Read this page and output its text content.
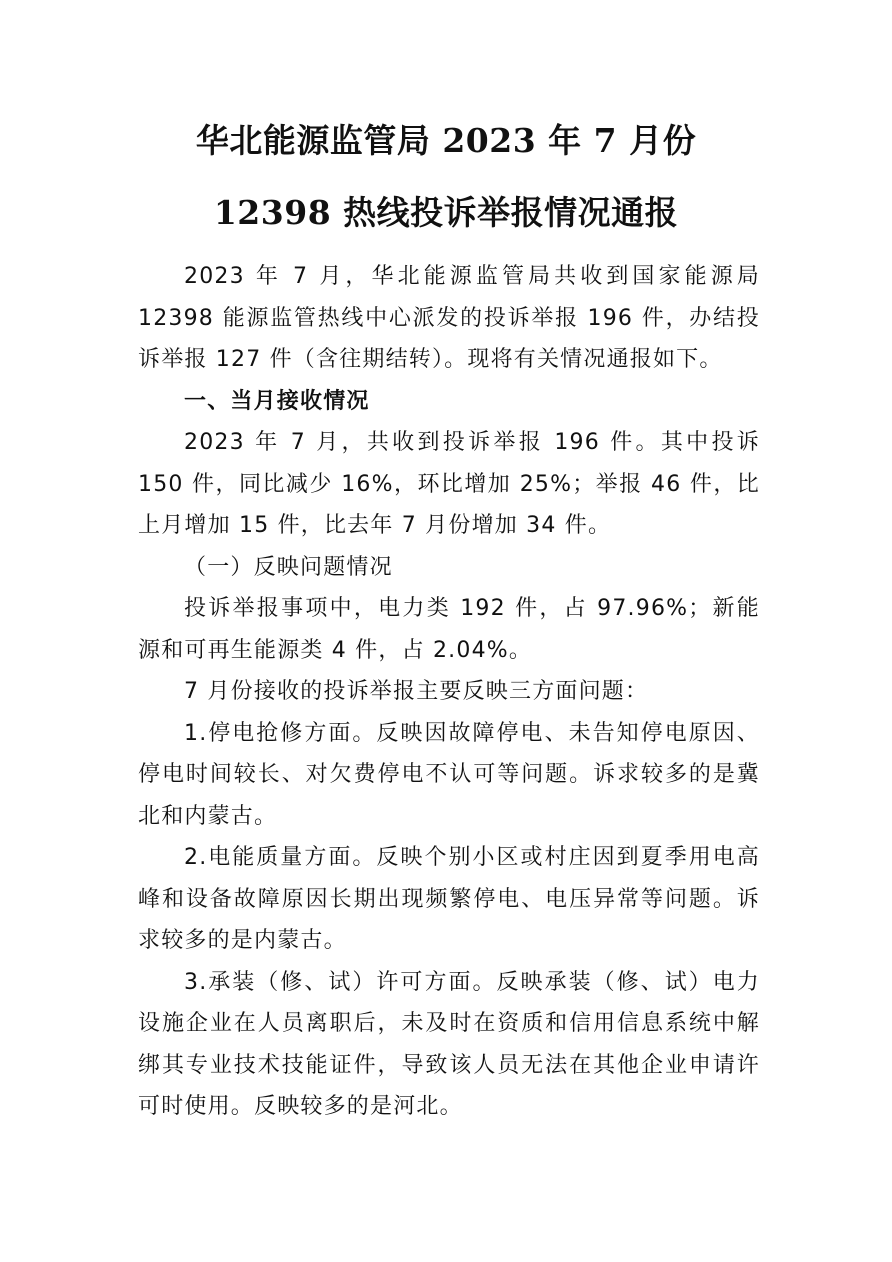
华北能源监管局 2023 年 7 月份
12398 热线投诉举报情况通报

2023 年 7 月，华北能源监管局共收到国家能源局 12398 能源监管热线中心派发的投诉举报 196 件，办结投诉举报 127 件（含往期结转）。现将有关情况通报如下。

一、当月接收情况

2023 年 7 月，共收到投诉举报 196 件。其中投诉 150 件，同比减少 16%，环比增加 25%；举报 46 件，比上月增加 15 件，比去年 7 月份增加 34 件。

（一）反映问题情况

投诉举报事项中，电力类 192 件，占 97.96%；新能源和可再生能源类 4 件，占 2.04%。

7 月份接收的投诉举报主要反映三方面问题：

1.停电抢修方面。反映因故障停电、未告知停电原因、停电时间较长、对欠费停电不认可等问题。诉求较多的是冀北和内蒙古。

2.电能质量方面。反映个别小区或村庄因到夏季用电高峰和设备故障原因长期出现频繁停电、电压异常等问题。诉求较多的是内蒙古。

3.承装（修、试）许可方面。反映承装（修、试）电力设施企业在人员离职后，未及时在资质和信用信息系统中解绑其专业技术技能证件，导致该人员无法在其他企业申请许可时使用。反映较多的是河北。
